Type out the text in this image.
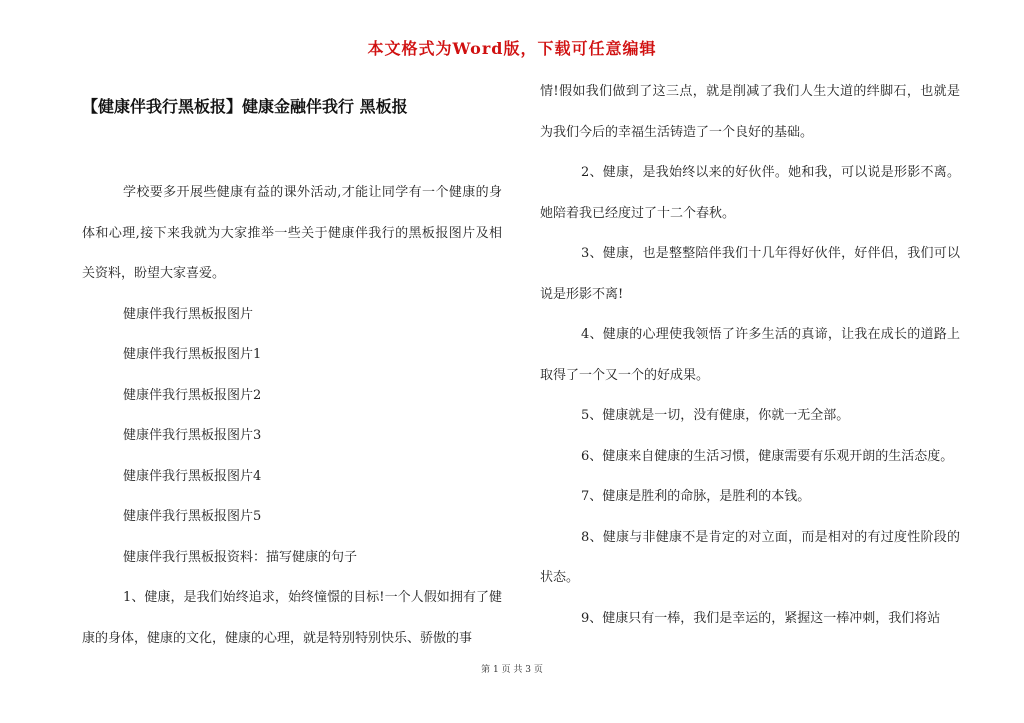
本文格式为Word版，下载可任意编辑
【健康伴我行黑板报】健康金融伴我行 黑板报

学校要多开展些健康有益的课外活动,才能让同学有一个健康的身体和心理,接下来我就为大家推举一些关于健康伴我行的黑板报图片及相关资料，盼望大家喜爱。

健康伴我行黑板报图片

健康伴我行黑板报图片1

健康伴我行黑板报图片2

健康伴我行黑板报图片3

健康伴我行黑板报图片4

健康伴我行黑板报图片5

健康伴我行黑板报资料：描写健康的句子

1、健康，是我们始终追求，始终憧憬的目标!一个人假如拥有了健康的身体，健康的文化，健康的心理，就是特别特别快乐、骄傲的事

情!假如我们做到了这三点，就是削减了我们人生大道的绊脚石，也就是为我们今后的幸福生活铸造了一个良好的基础。

2、健康，是我始终以来的好伙伴。她和我，可以说是形影不离。她陪着我已经度过了十二个春秋。

3、健康，也是整整陪伴我们十几年得好伙伴，好伴侣，我们可以说是形影不离!

4、健康的心理使我领悟了许多生活的真谛，让我在成长的道路上取得了一个又一个的好成果。

5、健康就是一切，没有健康，你就一无全部。

6、健康来自健康的生活习惯，健康需要有乐观开朗的生活态度。

7、健康是胜利的命脉，是胜利的本钱。

8、健康与非健康不是肯定的对立面，而是相对的有过度性阶段的状态。

9、健康只有一棒，我们是幸运的，紧握这一棒冲刺，我们将站

第 1 页 共 3 页
